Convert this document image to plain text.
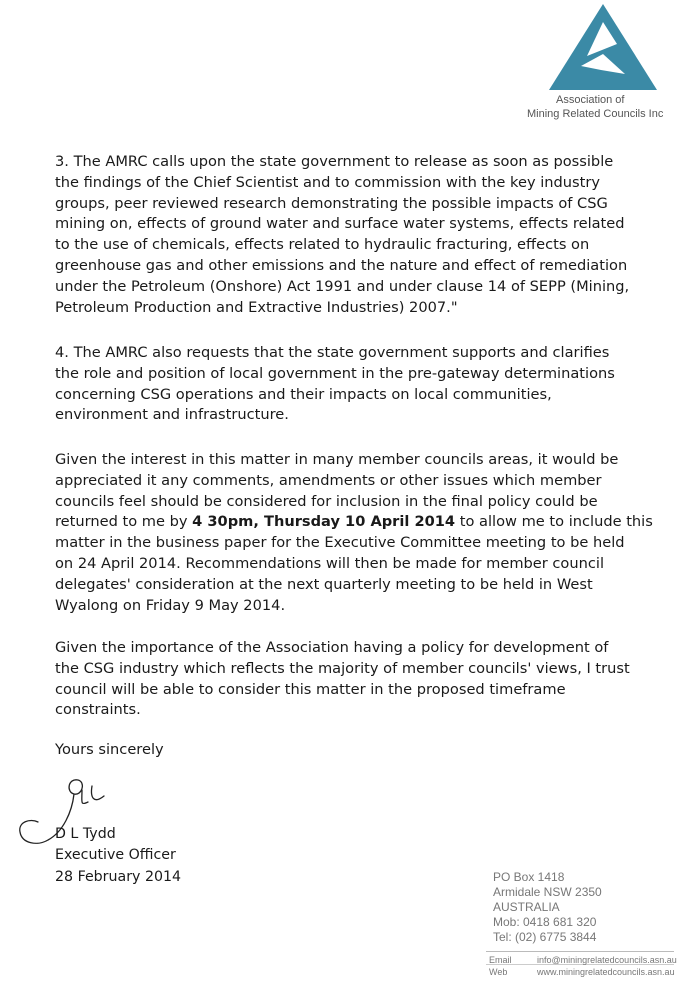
Association of
Mining Related Councils Inc
3. The AMRC calls upon the state government to release as soon as possible
the findings of the Chief Scientist and to commission with the key industry
groups, peer reviewed research demonstrating the possible impacts of CSG
mining on, effects of ground water and surface water systems, effects related
to the use of chemicals, effects related to hydraulic fracturing, effects on
greenhouse gas and other emissions and the nature and effect of remediation
under the Petroleum (Onshore) Act 1991 and under clause 14 of SEPP (Mining,
Petroleum Production and Extractive Industries) 2007."
4. The AMRC also requests that the state government supports and clarifies
the role and position of local government in the pre-gateway determinations
concerning CSG operations and their impacts on local communities,
environment and infrastructure.
Given the interest in this matter in many member councils areas, it would be
appreciated it any comments, amendments or other issues which member
councils feel should be considered for inclusion in the final policy could be
returned to me by 4 30pm, Thursday 10 April 2014 to allow me to include this
matter in the business paper for the Executive Committee meeting to be held
on 24 April 2014. Recommendations will then be made for member council
delegates' consideration at the next quarterly meeting to be held in West
Wyalong on Friday 9 May 2014.
Given the importance of the Association having a policy for development of
the CSG industry which reflects the majority of member councils' views, I trust
council will be able to consider this matter in the proposed timeframe
constraints.
Yours sincerely
D L Tydd
Executive Officer
28 February 2014	PO Box 1418
Armidale NSW 2350
AUSTRALIA
Mob: 0418 681 320
Tel: (02) 6775 3844
Email	info@miningrelatedcouncils.asn.au
Web	www.miningrelatedcouncils.asn.au
